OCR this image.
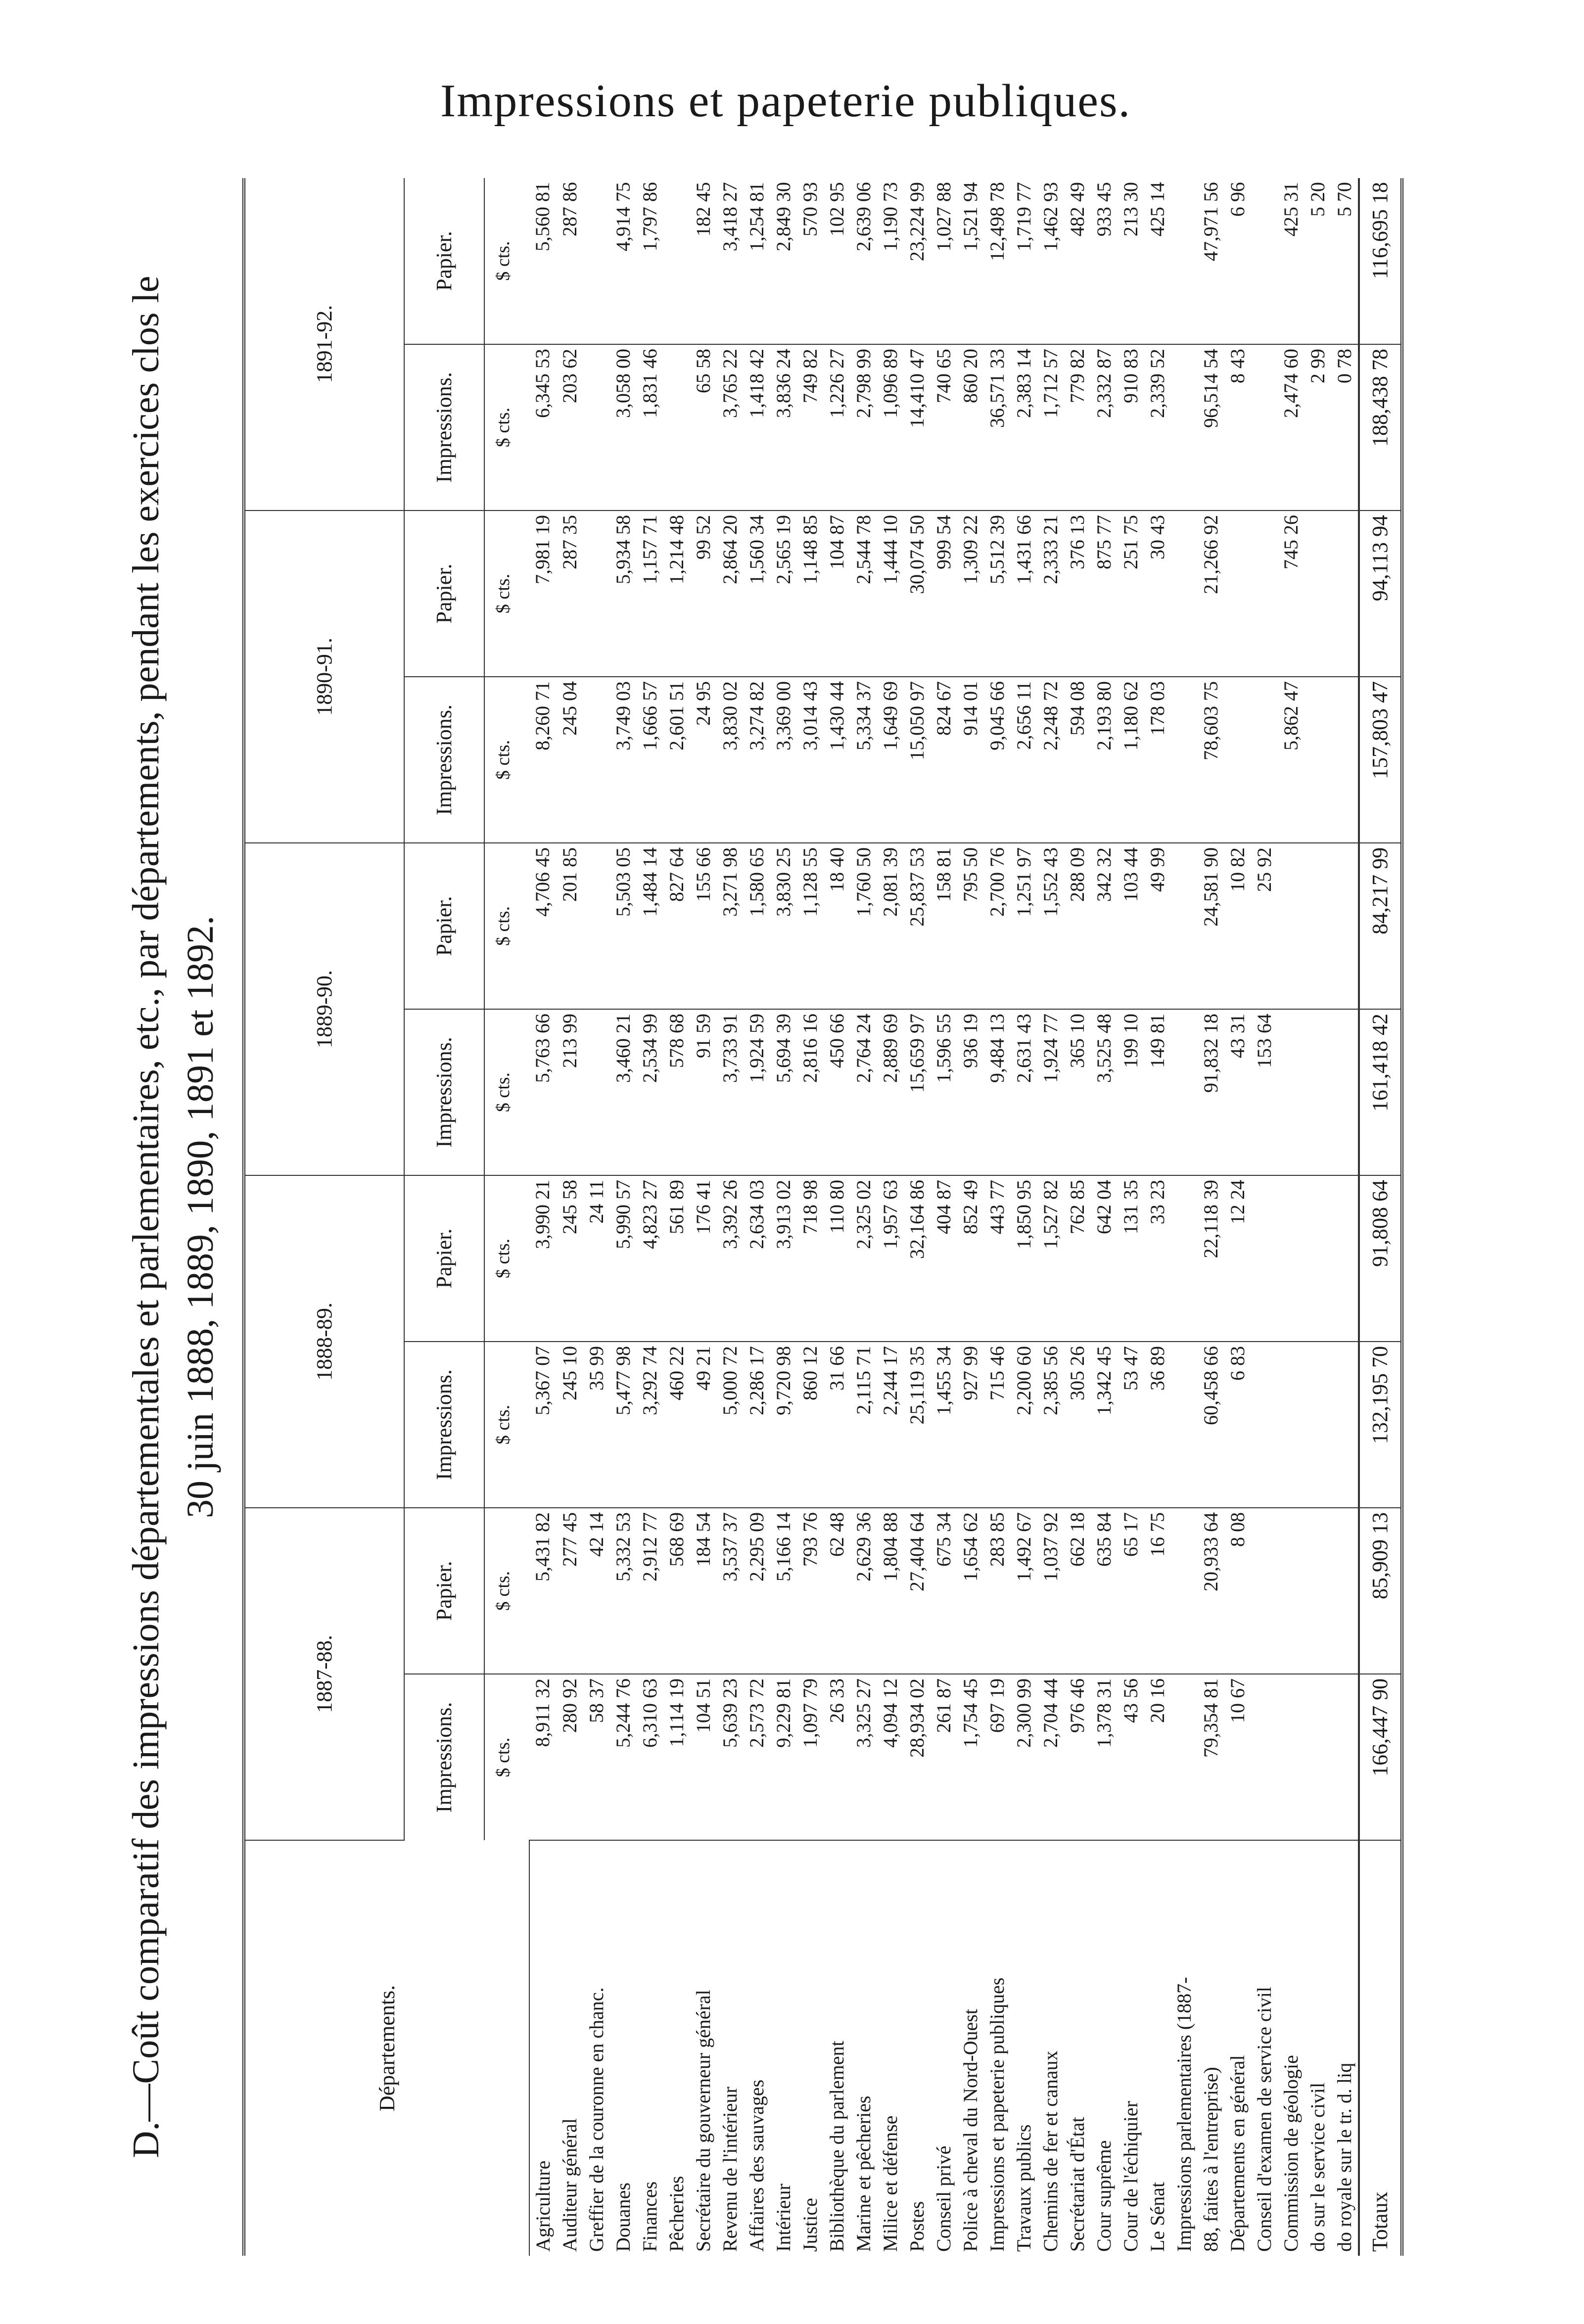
Impressions et papeterie publiques.
D.—Coût comparatif des impressions départementales et parlementaires, etc., par départements, pendant les exercices clos le 30 juin 1888, 1889, 1890, 1891 et 1892.
Départements.	1887-88.		1888-89.		1889-90.		1890-91.		1891-92.	
	Impressions.	Papier.	Impressions.	Papier.	Impressions.	Papier.	Impressions.	Papier.	Impressions.	Papier.
	$ cts.	$ cts.	$ cts.	$ cts.	$ cts.	$ cts.	$ cts.	$ cts.	$ cts.	$ cts.
Agriculture	8,911 32	5,431 82	5,367 07	3,990 21	5,763 66	4,706 45	8,260 71	7,981 19	6,345 53	5,560 81
Auditeur général	280 92	277 45	245 10	245 58	213 99	201 85	245 04	287 35	203 62	287 86
Greffier de la couronne en chanc.	58 37	42 14	35 99	24 11						
Douanes	5,244 76	5,332 53	5,477 98	5,990 57	3,460 21	5,503 05	3,749 03	5,934 58	3,058 00	4,914 75
Finances	6,310 63	2,912 77	3,292 74	4,823 27	2,534 99	1,484 14	1,666 57	1,157 71	1,831 46	1,797 86
Pêcheries	1,114 19	568 69	460 22	561 89	578 68	827 64	2,601 51	1,214 48		
Secrétaire du gouverneur général	104 51	184 54	49 21	176 41	91 59	155 66	24 95	99 52	65 58	182 45
Revenu de l'intérieur	5,639 23	3,537 37	5,000 72	3,392 26	3,733 91	3,271 98	3,830 02	2,864 20	3,765 22	3,418 27
Affaires des sauvages	2,573 72	2,295 09	2,286 17	2,634 03	1,924 59	1,580 65	3,274 82	1,560 34	1,418 42	1,254 81
Intérieur	9,229 81	5,166 14	9,720 98	3,913 02	5,694 39	3,830 25	3,369 00	2,565 19	3,836 24	2,849 30
Justice	1,097 79	793 76	860 12	718 98	2,816 16	1,128 55	3,014 43	1,148 85	749 82	570 93
Bibliothèque du parlement	26 33	62 48	31 66	110 80	450 66	18 40	1,430 44	104 87	1,226 27	102 95
Marine et pêcheries	3,325 27	2,629 36	2,115 71	2,325 02	2,764 24	1,760 50	5,334 37	2,544 78	2,798 99	2,639 06
Milice et défense	4,094 12	1,804 88	2,244 17	1,957 63	2,889 69	2,081 39	1,649 69	1,444 10	1,096 89	1,190 73
Postes	28,934 02	27,404 64	25,119 35	32,164 86	15,659 97	25,837 53	15,050 97	30,074 50	14,410 47	23,224 99
Conseil privé	261 87	675 34	1,455 34	404 87	1,596 55	158 81	824 67	999 54	740 65	1,027 88
Police à cheval du Nord-Ouest	1,754 45	1,654 62	927 99	852 49	936 19	795 50	914 01	1,309 22	860 20	1,521 94
Impressions et papeterie publiques	697 19	283 85	715 46	443 77	9,484 13	2,700 76	9,045 66	5,512 39	36,571 33	12,498 78
Travaux publics	2,300 99	1,492 67	2,200 60	1,850 95	2,631 43	1,251 97	2,656 11	1,431 66	2,383 14	1,719 77
Chemins de fer et canaux	2,704 44	1,037 92	2,385 56	1,527 82	1,924 77	1,552 43	2,248 72	2,333 21	1,712 57	1,462 93
Secrétariat d'État	976 46	662 18	305 26	762 85	365 10	288 09	594 08	376 13	779 82	482 49
Cour suprême	1,378 31	635 84	1,342 45	642 04	3,525 48	342 32	2,193 80	875 77	2,332 87	933 45
Cour de l'échiquier	43 56	65 17	53 47	131 35	199 10	103 44	1,180 62	251 75	910 83	213 30
Le Sénat	20 16	16 75	36 89	33 23	149 81	49 99	178 03	30 43	2,339 52	425 14
Impressions parlementaires (1887-										
88, faites à l'entreprise)	79,354 81	20,933 64	60,458 66	22,118 39	91,832 18	24,581 90	78,603 75	21,266 92	96,514 54	47,971 56
Départements en général	10 67	8 08	6 83	12 24	43 31	10 82			8 43	6 96
Conseil d'examen de service civil					153 64	25 92				
Commission de géologie							5,862 47	745 26	2,474 60	425 31
do sur le service civil									2 99	5 20
do royale sur le tr. d. liq									0 78	5 70
Totaux	166,447 90	85,909 13	132,195 70	91,808 64	161,418 42	84,217 99	157,803 47	94,113 94	188,438 78	116,695 18
